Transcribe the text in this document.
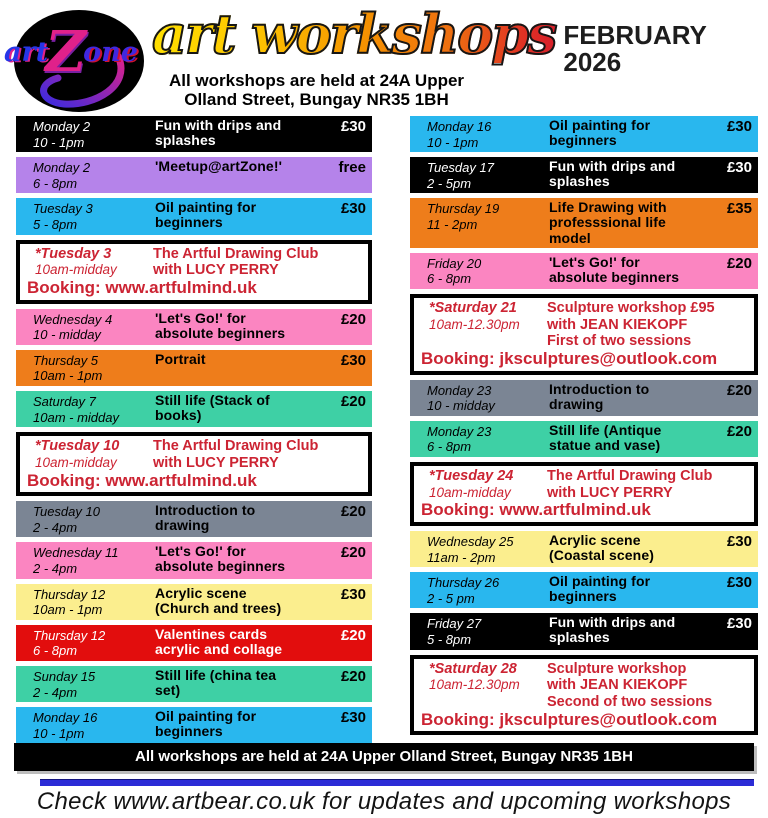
art
Z
one art workshops FEBRUARY
2026
All workshops are held at 24A Upper
Olland Street, Bungay NR35 1BH
Monday 2
10 - 1pm
Fun with drips and
splashes
£30
Monday 2
6 - 8pm
'Meetup@artZone!'	free
Tuesday 3
5 - 8pm
Oil painting for
beginners
£30
*Tuesday 3
10am-midday
The Artful Drawing Club
with LUCY PERRY
Booking: www.artfulmind.uk
Wednesday 4
10 - midday
'Let's Go!' for
absolute beginners
£20
Thursday 5
10am - 1pm
Portrait	£30
Saturday 7
10am - midday
Still life (Stack of
books)
£20
*Tuesday 10
10am-midday
The Artful Drawing Club
with LUCY PERRY
Booking: www.artfulmind.uk
Tuesday 10
2 - 4pm
Introduction to
drawing
£20
Wednesday 11
2 - 4pm
'Let's Go!' for
absolute beginners
£20
Thursday 12
10am - 1pm
Acrylic scene
(Church and trees)
£30
Thursday 12
6 - 8pm
Valentines cards
acrylic and collage
£20
Sunday 15
2 - 4pm
Still life (china tea
set)
£20
Monday 16
10 - 1pm
Oil painting for
beginners
£30
Monday 16
10 - 1pm
Oil painting for
beginners
£30
Tuesday 17
2 - 5pm
Fun with drips and
splashes
£30
Thursday 19
11 - 2pm
Life Drawing with
professsional life
model
£35
Friday 20
6 - 8pm
'Let's Go!' for
absolute beginners
£20
*Saturday 21
10am-12.30pm
Sculpture workshop £95
with JEAN KIEKOPF
First of two sessions
Booking: jksculptures@outlook.com
Monday 23
10 - midday
Introduction to
drawing
£20
Monday 23
6 - 8pm
Still life (Antique
statue and vase)
£20
*Tuesday 24
10am-midday
The Artful Drawing Club
with LUCY PERRY
Booking: www.artfulmind.uk
Wednesday 25
11am - 2pm
Acrylic scene
(Coastal scene)
£30
Thursday 26
2 - 5 pm
Oil painting for
beginners
£30
Friday 27
5 - 8pm
Fun with drips and
splashes
£30
*Saturday 28
10am-12.30pm
Sculpture workshop
with JEAN KIEKOPF
Second of two sessions
Booking: jksculptures@outlook.com
All workshops are held at 24A Upper Olland Street, Bungay NR35 1BH
Check www.artbear.co.uk for updates and upcoming workshops
